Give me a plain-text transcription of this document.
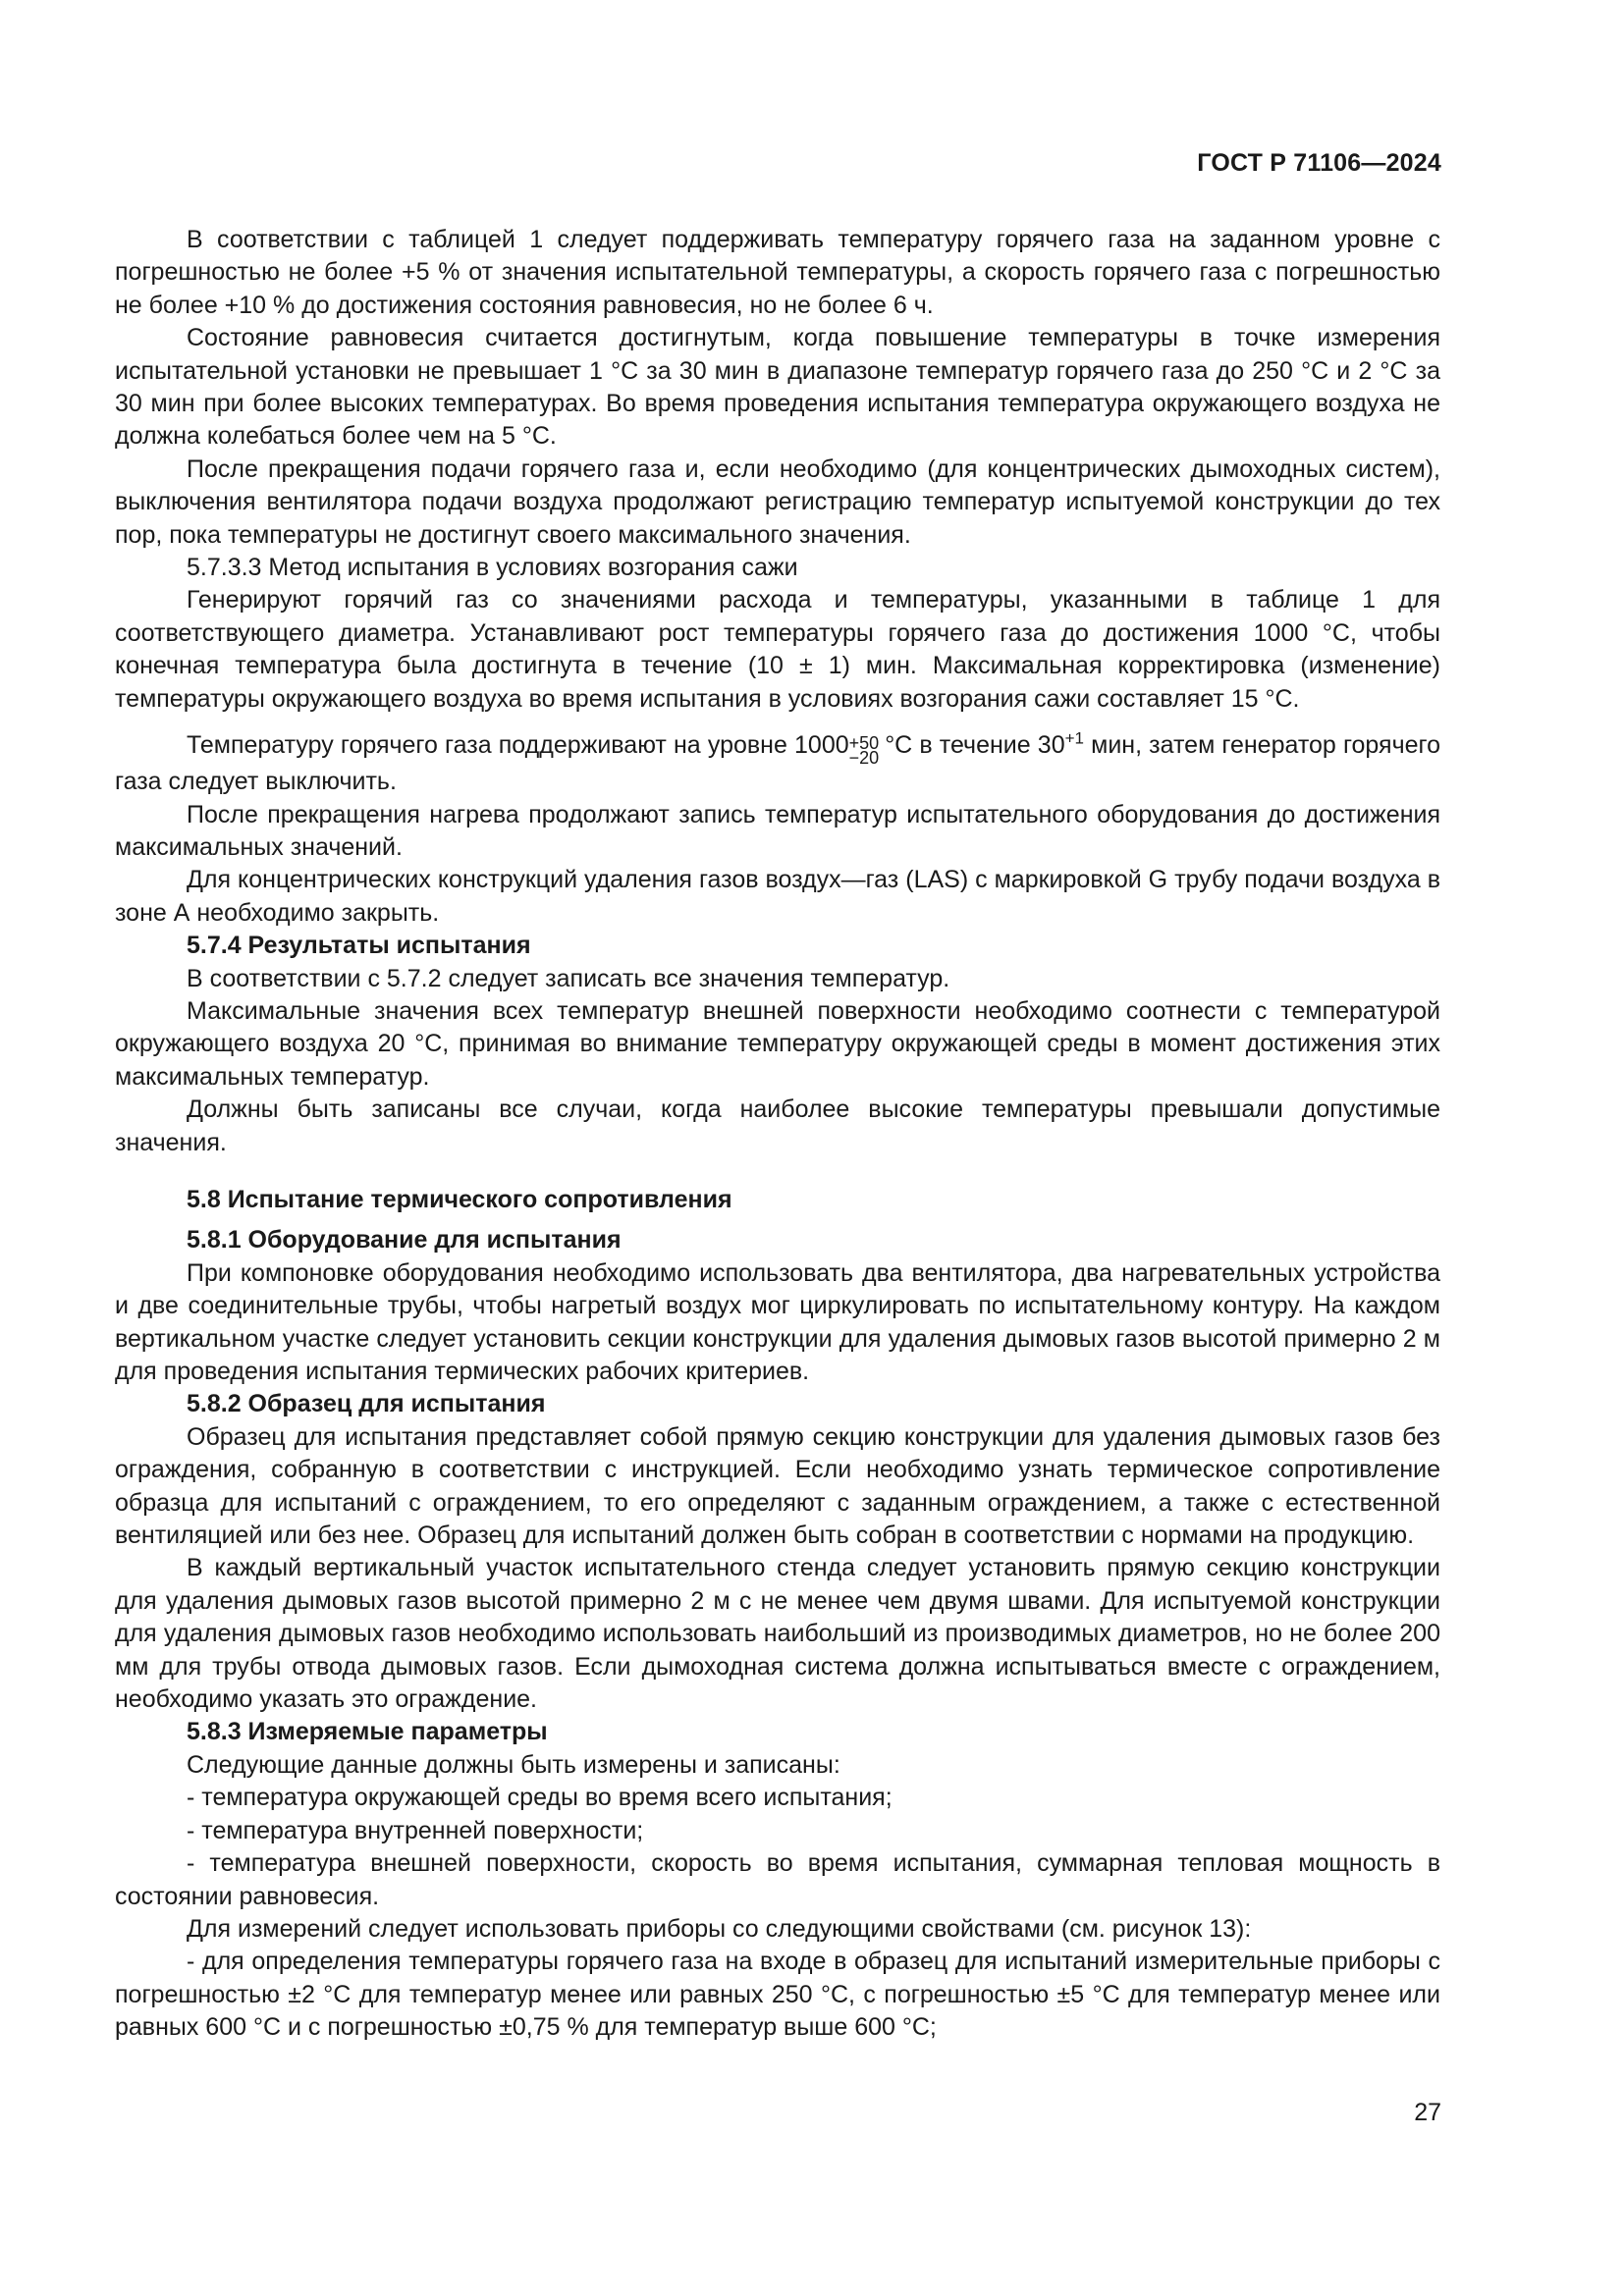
ГОСТ Р 71106—2024

В соответствии с таблицей 1 следует поддерживать температуру горячего газа на заданном уровне с погрешностью не более +5 % от значения испытательной температуры, а скорость горячего газа с погрешностью не более +10 % до достижения состояния равновесия, но не более 6 ч.

Состояние равновесия считается достигнутым, когда повышение температуры в точке измерения испытательной установки не превышает 1 °С за 30 мин в диапазоне температур горячего газа до 250 °С и 2 °С за 30 мин при более высоких температурах. Во время проведения испытания температура окружающего воздуха не должна колебаться более чем на 5 °С.

После прекращения подачи горячего газа и, если необходимо (для концентрических дымоходных систем), выключения вентилятора подачи воздуха продолжают регистрацию температур испытуемой конструкции до тех пор, пока температуры не достигнут своего максимального значения.

5.7.3.3 Метод испытания в условиях возгорания сажи

Генерируют горячий газ со значениями расхода и температуры, указанными в таблице 1 для соответствующего диаметра. Устанавливают рост температуры горячего газа до достижения 1000 °С, чтобы конечная температура была достигнута в течение (10 ± 1) мин. Максимальная корректировка (изменение) температуры окружающего воздуха во время испытания в условиях возгорания сажи составляет 15 °С.

Температуру горячего газа поддерживают на уровне 1000 +50
−20 °С в течение $30^{+1}$ мин, затем генератор горячего газа следует выключить.

После прекращения нагрева продолжают запись температур испытательного оборудования до достижения максимальных значений.

Для концентрических конструкций удаления газов воздух—газ (LAS) с маркировкой G трубу подачи воздуха в зоне А необходимо закрыть.

5.7.4 Результаты испытания

В соответствии с 5.7.2 следует записать все значения температур.

Максимальные значения всех температур внешней поверхности необходимо соотнести с температурой окружающего воздуха 20 °С, принимая во внимание температуру окружающей среды в момент достижения этих максимальных температур.

Должны быть записаны все случаи, когда наиболее высокие температуры превышали допустимые значения.

5.8 Испытание термического сопротивления

5.8.1 Оборудование для испытания

При компоновке оборудования необходимо использовать два вентилятора, два нагревательных устройства и две соединительные трубы, чтобы нагретый воздух мог циркулировать по испытательному контуру. На каждом вертикальном участке следует установить секции конструкции для удаления дымовых газов высотой примерно 2 м для проведения испытания термических рабочих критериев.

5.8.2 Образец для испытания

Образец для испытания представляет собой прямую секцию конструкции для удаления дымовых газов без ограждения, собранную в соответствии с инструкцией. Если необходимо узнать термическое сопротивление образца для испытаний с ограждением, то его определяют с заданным ограждением, а также с естественной вентиляцией или без нее. Образец для испытаний должен быть собран в соответствии с нормами на продукцию.

В каждый вертикальный участок испытательного стенда следует установить прямую секцию конструкции для удаления дымовых газов высотой примерно 2 м с не менее чем двумя швами. Для испытуемой конструкции для удаления дымовых газов необходимо использовать наибольший из производимых диаметров, но не более 200 мм для трубы отвода дымовых газов. Если дымоходная система должна испытываться вместе с ограждением, необходимо указать это ограждение.

5.8.3 Измеряемые параметры

Следующие данные должны быть измерены и записаны:

- температура окружающей среды во время всего испытания;

- температура внутренней поверхности;

- температура внешней поверхности, скорость во время испытания, суммарная тепловая мощность в состоянии равновесия.

Для измерений следует использовать приборы со следующими свойствами (см. рисунок 13):

- для определения температуры горячего газа на входе в образец для испытаний измерительные приборы с погрешностью ±2 °С для температур менее или равных 250 °С, с погрешностью ±5 °С для температур менее или равных 600 °С и с погрешностью ±0,75 % для температур выше 600 °С;

27
